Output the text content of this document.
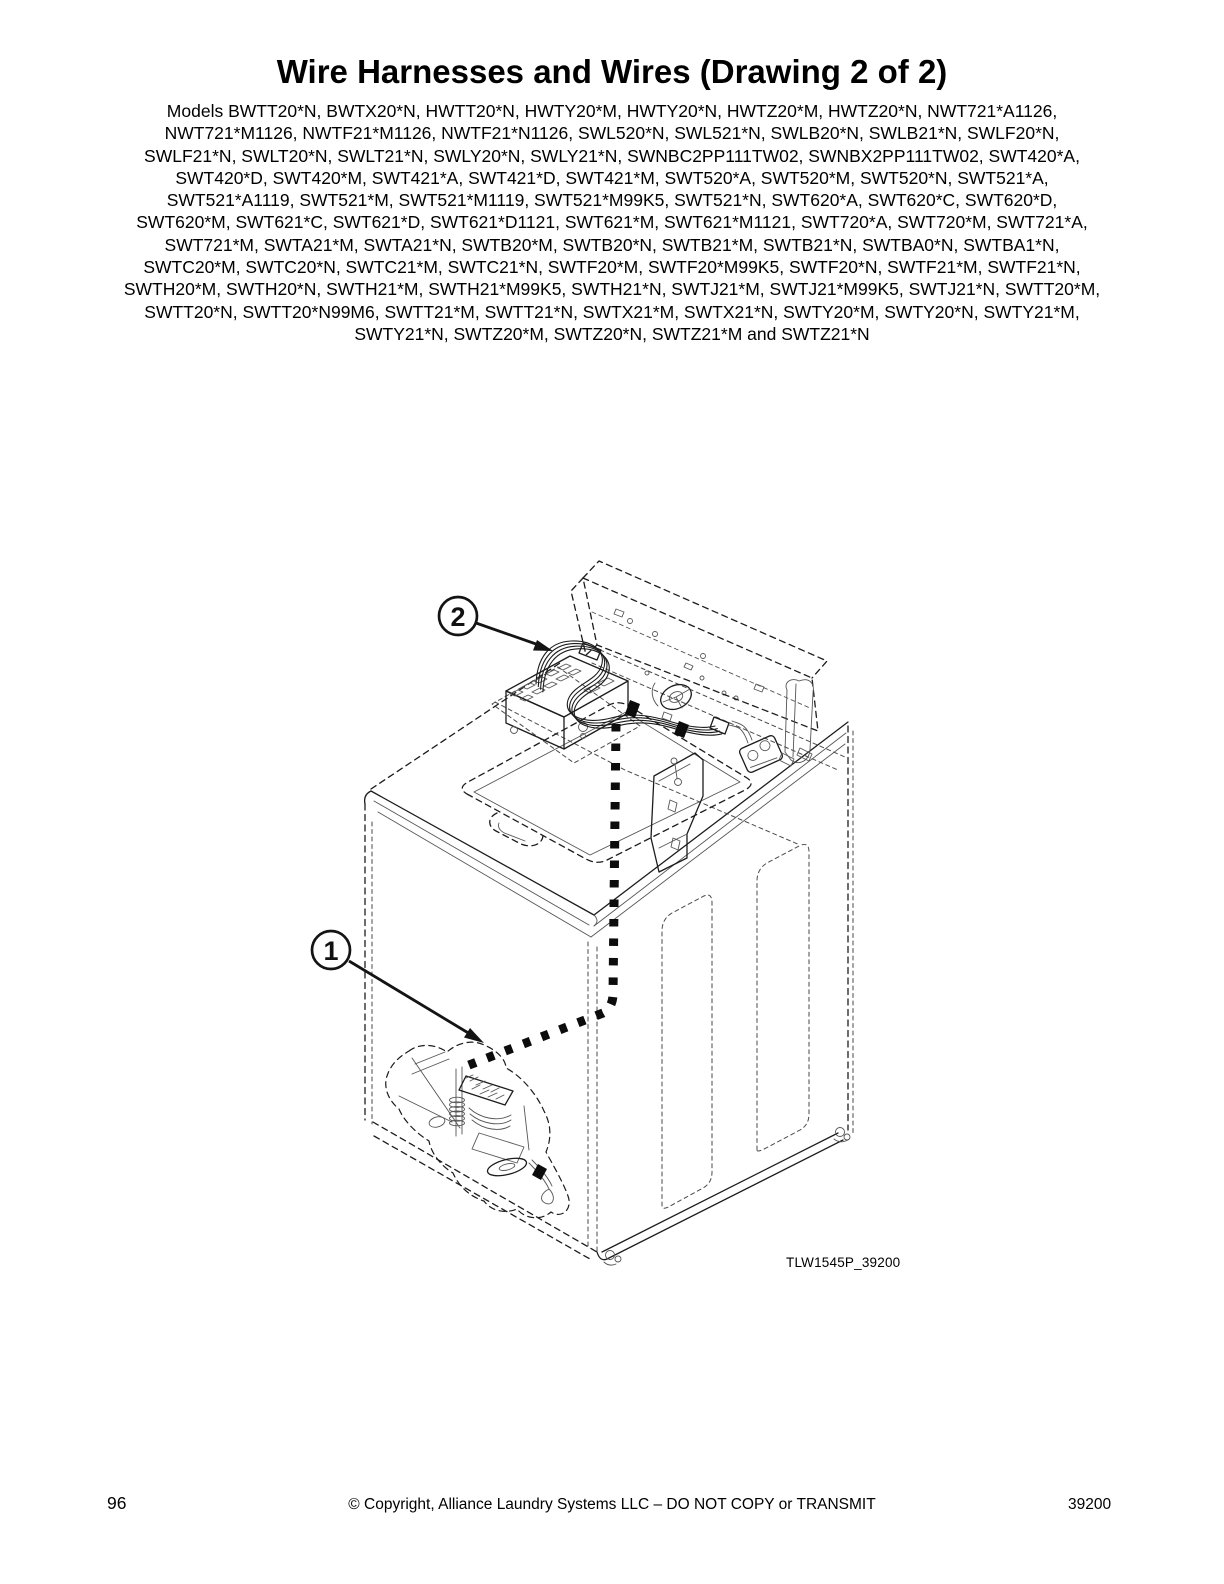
Wire Harnesses and Wires (Drawing 2 of 2)
Models BWTT20*N, BWTX20*N, HWTT20*N, HWTY20*M, HWTY20*N, HWTZ20*M, HWTZ20*N, NWT721*A1126,
NWT721*M1126, NWTF21*M1126, NWTF21*N1126, SWL520*N, SWL521*N, SWLB20*N, SWLB21*N, SWLF20*N,
SWLF21*N, SWLT20*N, SWLT21*N, SWLY20*N, SWLY21*N, SWNBC2PP111TW02, SWNBX2PP111TW02, SWT420*A,
SWT420*D, SWT420*M, SWT421*A, SWT421*D, SWT421*M, SWT520*A, SWT520*M, SWT520*N, SWT521*A,
SWT521*A1119, SWT521*M, SWT521*M1119, SWT521*M99K5, SWT521*N, SWT620*A, SWT620*C, SWT620*D,
SWT620*M, SWT621*C, SWT621*D, SWT621*D1121, SWT621*M, SWT621*M1121, SWT720*A, SWT720*M, SWT721*A,
SWT721*M, SWTA21*M, SWTA21*N, SWTB20*M, SWTB20*N, SWTB21*M, SWTB21*N, SWTBA0*N, SWTBA1*N,
SWTC20*M, SWTC20*N, SWTC21*M, SWTC21*N, SWTF20*M, SWTF20*M99K5, SWTF20*N, SWTF21*M, SWTF21*N,
SWTH20*M, SWTH20*N, SWTH21*M, SWTH21*M99K5, SWTH21*N, SWTJ21*M, SWTJ21*M99K5, SWTJ21*N, SWTT20*M,
SWTT20*N, SWTT20*N99M6, SWTT21*M, SWTT21*N, SWTX21*M, SWTX21*N, SWTY20*M, SWTY20*N, SWTY21*M,
SWTY21*N, SWTZ20*M, SWTZ20*N, SWTZ21*M and SWTZ21*N
2
1
TLW1545P_39200
96	© Copyright, Alliance Laundry Systems LLC – DO NOT COPY or TRANSMIT	39200
